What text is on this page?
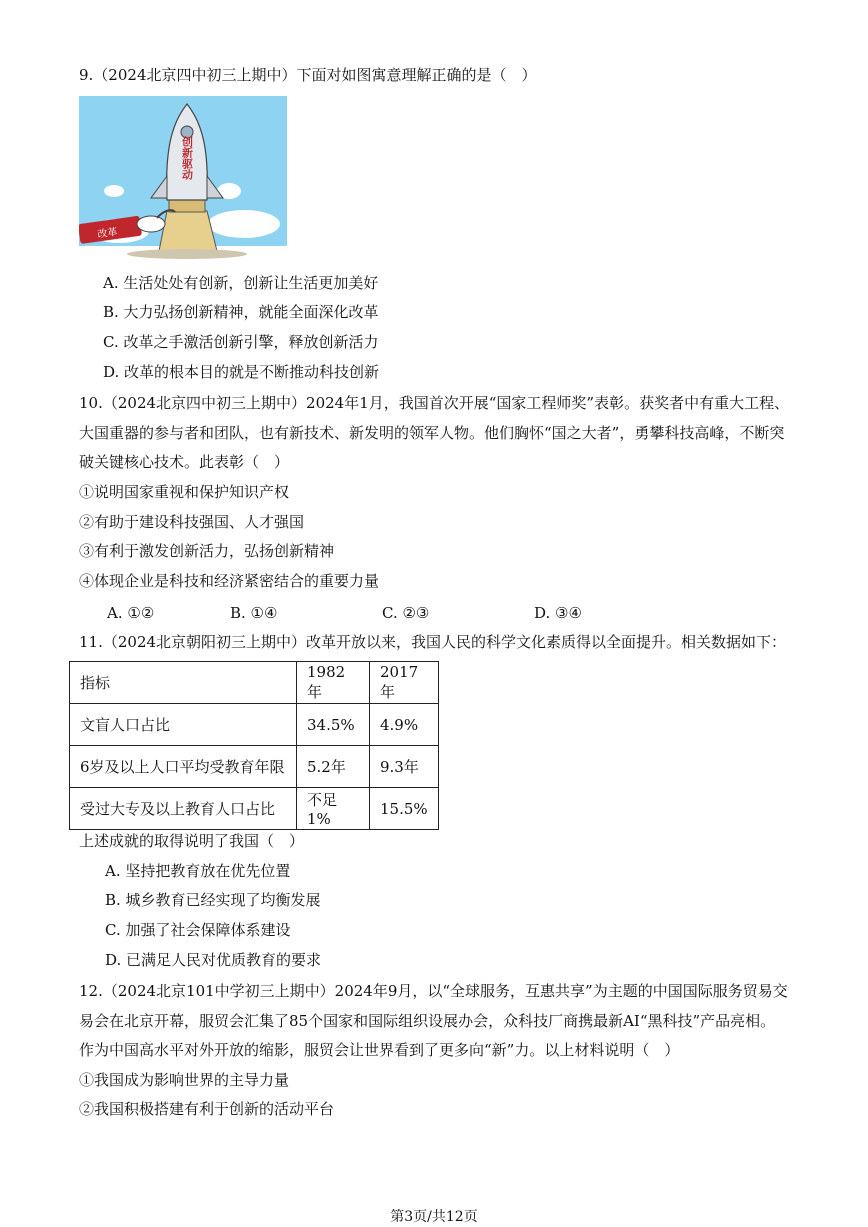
9.（2024北京四中初三上期中）下面对如图寓意理解正确的是（　）
创新驱动
改革
A. 生活处处有创新，创新让生活更加美好
B. 大力弘扬创新精神，就能全面深化改革
C. 改革之手激活创新引擎，释放创新活力
D. 改革的根本目的就是不断推动科技创新
10.（2024北京四中初三上期中）2024年1月，我国首次开展“国家工程师奖”表彰。获奖者中有重大工程、
大国重器的参与者和团队，也有新技术、新发明的领军人物。他们胸怀“国之大者”，勇攀科技高峰，不断突
破关键核心技术。此表彰（　）
①说明国家重视和保护知识产权
②有助于建设科技强国、人才强国
③有利于激发创新活力，弘扬创新精神
④体现企业是科技和经济紧密结合的重要力量
A. ①②	B. ①④	C. ②③	D. ③④
11.（2024北京朝阳初三上期中）改革开放以来，我国人民的科学文化素质得以全面提升。相关数据如下：
指标	1982年	2017年
文盲人口占比	34.5%	4.9%
6岁及以上人口平均受教育年限	5.2年	9.3年
受过大专及以上教育人口占比	不足1%	15.5%
上述成就的取得说明了我国（　）
A. 坚持把教育放在优先位置
B. 城乡教育已经实现了均衡发展
C. 加强了社会保障体系建设
D. 已满足人民对优质教育的要求
12.（2024北京101中学初三上期中）2024年9月，以“全球服务，互惠共享”为主题的中国国际服务贸易交
易会在北京开幕，服贸会汇集了85个国家和国际组织设展办会，众科技厂商携最新AI“黑科技”产品亮相。
作为中国高水平对外开放的缩影，服贸会让世界看到了更多向“新”力。以上材料说明（　）
①我国成为影响世界的主导力量
②我国积极搭建有利于创新的活动平台
第3页/共12页
